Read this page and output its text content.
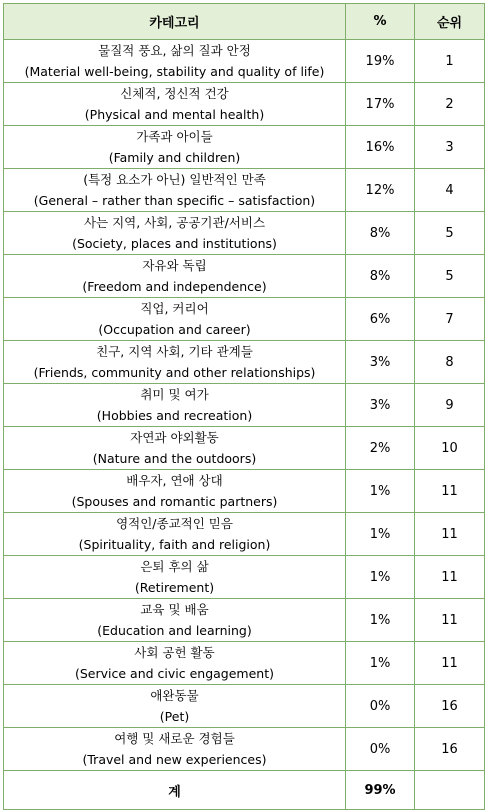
카테고리	%	순위

물질적 풍요, 삶의 질과 안정
(Material well-being, stability and quality of life)	19%	1

신체적, 정신적 건강
(Physical and mental health)	17%	2

가족과 아이들
(Family and children)	16%	3

(특정 요소가 아닌) 일반적인 만족
(General – rather than specific – satisfaction)	12%	4

사는 지역, 사회, 공공기관/서비스
(Society, places and institutions)	8%	5

자유와 독립
(Freedom and independence)	8%	5

직업, 커리어
(Occupation and career)	6%	7

친구, 지역 사회, 기타 관계들
(Friends, community and other relationships)	3%	8

취미 및 여가
(Hobbies and recreation)	3%	9

자연과 야외활동
(Nature and the outdoors)	2%	10

배우자, 연애 상대
(Spouses and romantic partners)	1%	11

영적인/종교적인 믿음
(Spirituality, faith and religion)	1%	11

은퇴 후의 삶
(Retirement)	1%	11

교육 및 배움
(Education and learning)	1%	11

사회 공헌 활동
(Service and civic engagement)	1%	11

애완동물
(Pet)	0%	16

여행 및 새로운 경험들
(Travel and new experiences)	0%	16
계	99%	
